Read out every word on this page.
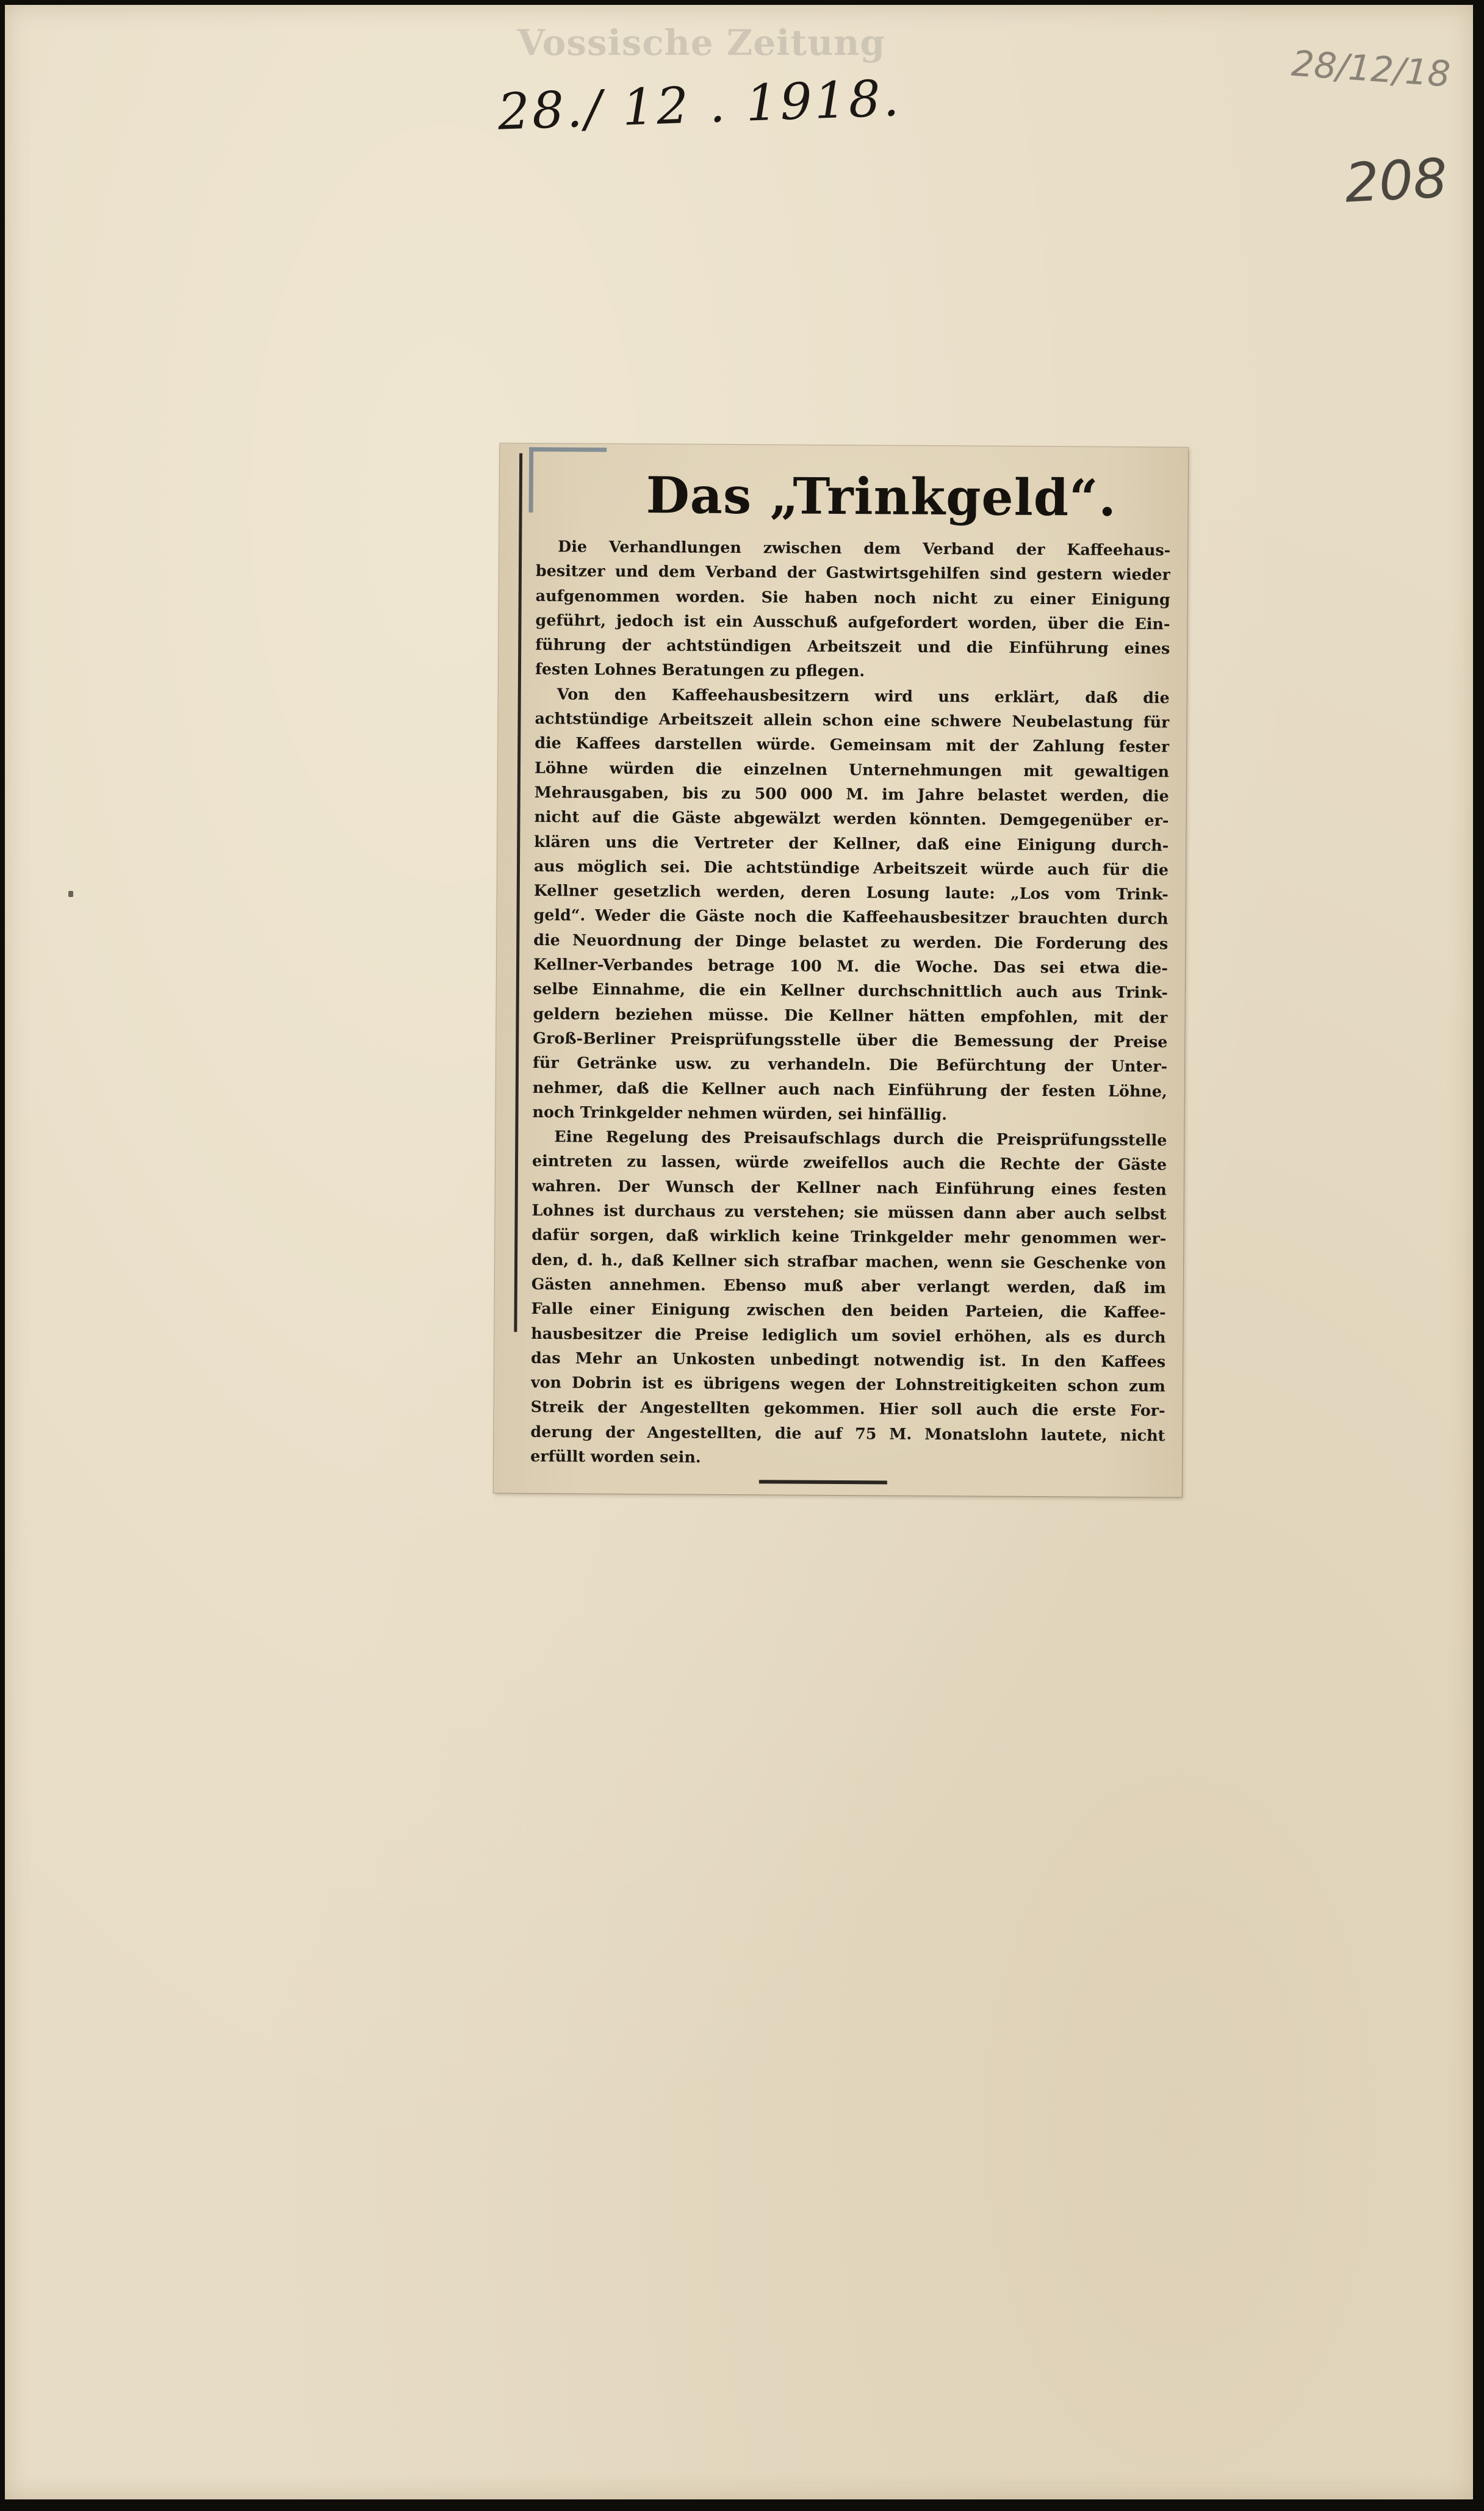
Vossische Zeitung
28./ 12 . 1918.
28/12/18
208
Das „Trinkgeld“.
Die Verhandlungen zwischen dem Verband der Kaffeehaus-
besitzer und dem Verband der Gastwirtsgehilfen sind gestern wieder
aufgenommen worden. Sie haben noch nicht zu einer Einigung
geführt, jedoch ist ein Ausschuß aufgefordert worden, über die Ein-
führung der achtstündigen Arbeitszeit und die Einführung eines
festen Lohnes Beratungen zu pflegen.
Von den Kaffeehausbesitzern wird uns erklärt, daß die
achtstündige Arbeitszeit allein schon eine schwere Neubelastung für
die Kaffees darstellen würde. Gemeinsam mit der Zahlung fester
Löhne würden die einzelnen Unternehmungen mit gewaltigen
Mehrausgaben, bis zu 500 000 M. im Jahre belastet werden, die
nicht auf die Gäste abgewälzt werden könnten. Demgegenüber er-
klären uns die Vertreter der Kellner, daß eine Einigung durch-
aus möglich sei. Die achtstündige Arbeitszeit würde auch für die
Kellner gesetzlich werden, deren Losung laute: „Los vom Trink-
geld“. Weder die Gäste noch die Kaffeehausbesitzer brauchten durch
die Neuordnung der Dinge belastet zu werden. Die Forderung des
Kellner-Verbandes betrage 100 M. die Woche. Das sei etwa die-
selbe Einnahme, die ein Kellner durchschnittlich auch aus Trink-
geldern beziehen müsse. Die Kellner hätten empfohlen, mit der
Groß-Berliner Preisprüfungsstelle über die Bemessung der Preise
für Getränke usw. zu verhandeln. Die Befürchtung der Unter-
nehmer, daß die Kellner auch nach Einführung der festen Löhne,
noch Trinkgelder nehmen würden, sei hinfällig.
Eine Regelung des Preisaufschlags durch die Preisprüfungsstelle
eintreten zu lassen, würde zweifellos auch die Rechte der Gäste
wahren. Der Wunsch der Kellner nach Einführung eines festen
Lohnes ist durchaus zu verstehen; sie müssen dann aber auch selbst
dafür sorgen, daß wirklich keine Trinkgelder mehr genommen wer-
den, d. h., daß Kellner sich strafbar machen, wenn sie Geschenke von
Gästen annehmen. Ebenso muß aber verlangt werden, daß im
Falle einer Einigung zwischen den beiden Parteien, die Kaffee-
hausbesitzer die Preise lediglich um soviel erhöhen, als es durch
das Mehr an Unkosten unbedingt notwendig ist. In den Kaffees
von Dobrin ist es übrigens wegen der Lohnstreitigkeiten schon zum
Streik der Angestellten gekommen. Hier soll auch die erste For-
derung der Angestellten, die auf 75 M. Monatslohn lautete, nicht
erfüllt worden sein.
